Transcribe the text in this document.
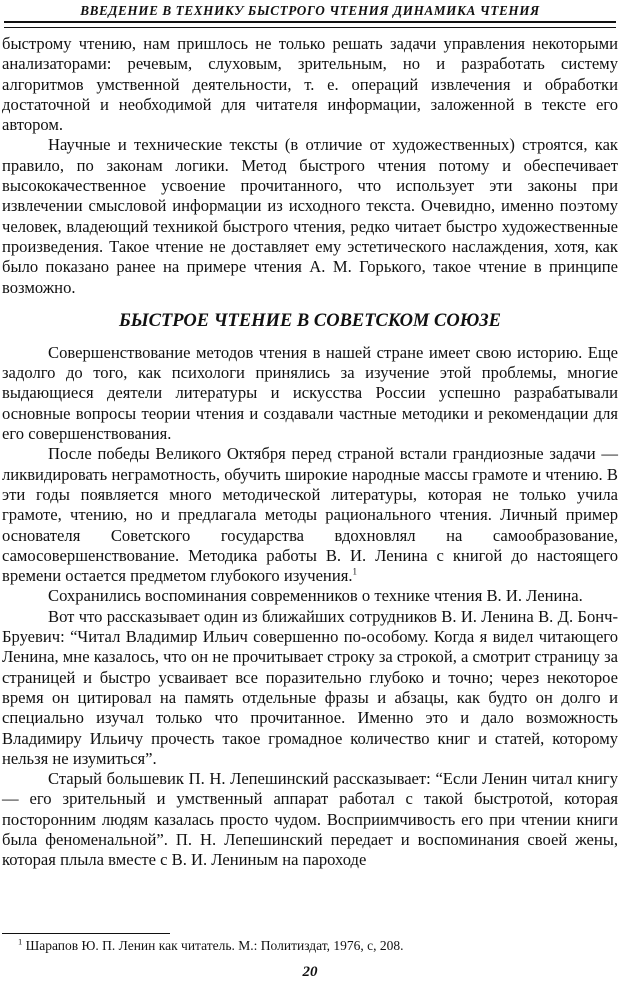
ВВЕДЕНИЕ В ТЕХНИКУ БЫСТРОГО ЧТЕНИЯ ДИНАМИКА ЧТЕНИЯ

быстрому чтению, нам пришлось не только решать задачи управления некоторыми анализаторами: речевым, слуховым, зрительным, но и разработать систему алгоритмов умственной деятельности, т. е. операций извлечения и обработки достаточной и необходимой для читателя информации, заложенной в тексте его автором.

Научные и технические тексты (в отличие от художественных) строятся, как правило, по законам логики. Метод быстрого чтения потому и обеспечивает высококачественное усвоение прочитанного, что использует эти законы при извлечении смысловой информации из исходного текста. Очевидно, именно поэтому человек, владеющий техникой быстрого чтения, редко читает быстро художественные произведения. Такое чтение не доставляет ему эстетического наслаждения, хотя, как было показано ранее на примере чтения А. М. Горького, такое чтение в принципе возможно.

БЫСТРОЕ ЧТЕНИЕ В СОВЕТСКОМ СОЮЗЕ

Совершенствование методов чтения в нашей стране имеет свою историю. Еще задолго до того, как психологи принялись за изучение этой проблемы, многие выдающиеся деятели литературы и искусства России успешно разрабатывали основные вопросы теории чтения и создавали частные методики и рекомендации для его совершенствования.

После победы Великого Октября перед страной встали грандиозные задачи — ликвидировать неграмотность, обучить широкие народные массы грамоте и чтению. В эти годы появляется много методической литературы, которая не только учила грамоте, чтению, но и предлагала методы рационального чтения. Личный пример основателя Советского государства вдохновлял на самообразование, самосовершенствование. Методика работы В. И. Ленина с книгой до настоящего времени остается предметом глубокого изучения.$^1$

Сохранились воспоминания современников о технике чтения В. И. Ленина.

Вот что рассказывает один из ближайших сотрудников В. И. Ленина В. Д. Бонч-Бруевич: “Читал Владимир Ильич совершенно по-особому. Когда я видел читающего Ленина, мне казалось, что он не прочитывает строку за строкой, а смотрит страницу за страницей и быстро усваивает все поразительно глубоко и точно; через некоторое время он цитировал на память отдельные фразы и абзацы, как будто он долго и специально изучал только что прочитанное. Именно это и дало возможность Владимиру Ильичу прочесть такое громадное количество книг и статей, которому нельзя не изумиться”.

Старый большевик П. Н. Лепешинский рассказывает: “Если Ленин читал книгу — его зрительный и умственный аппарат работал с такой быстротой, которая посторонним людям казалась просто чудом. Восприимчивость его при чтении книги была феноменальной”. П. Н. Лепешинский передает и воспоминания своей жены, которая плыла вместе с В. И. Лениным на пароходе

$^1$ Шарапов Ю. П. Ленин как читатель. М.: Политиздат, 1976, с, 208.
20
